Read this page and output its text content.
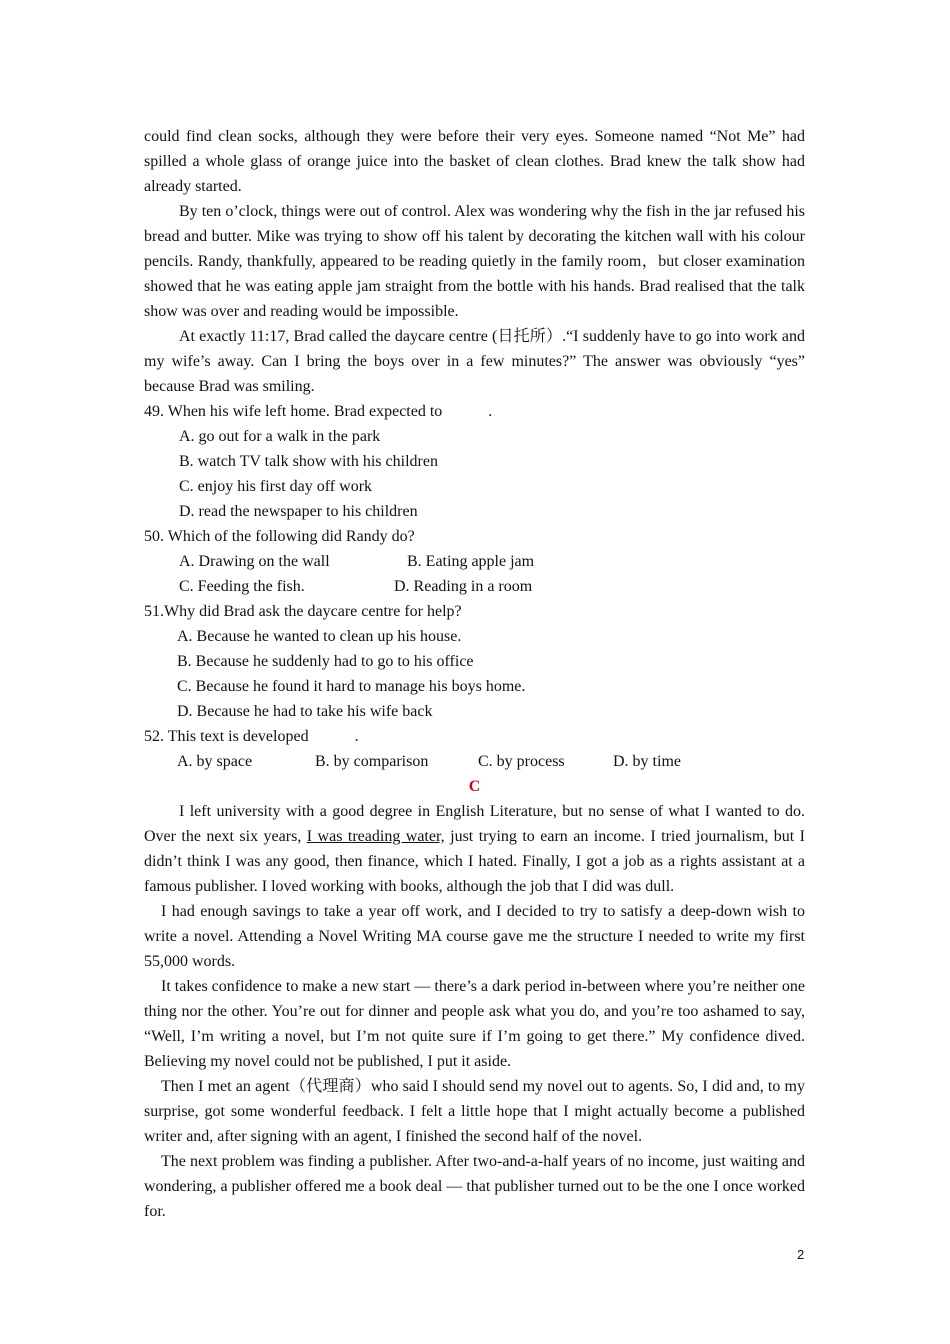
could find clean socks, although they were before their very eyes. Someone named “Not Me” had spilled a whole glass of orange juice into the basket of clean clothes. Brad knew the talk show had already started.

By ten o’clock, things were out of control. Alex was wondering why the fish in the jar refused his bread and butter. Mike was trying to show off his talent by decorating the kitchen wall with his colour pencils. Randy, thankfully, appeared to be reading quietly in the family room，but closer examination showed that he was eating apple jam straight from the bottle with his hands. Brad realised that the talk show was over and reading would be impossible.

At exactly 11:17, Brad called the daycare centre (日托所）.“I suddenly have to go into work and my wife’s away. Can I bring the boys over in a few minutes?” The answer was obviously “yes” because Brad was smiling.

49. When his wife left home. Brad expected to	.
A. go out for a walk in the park
B. watch TV talk show with his children
C. enjoy his first day off work
D. read the newspaper to his children
50. Which of the following did Randy do?
A. Drawing on the wall	B. Eating apple jam
C. Feeding the fish.	D. Reading in a room
51.Why did Brad ask the daycare centre for help?
A. Because he wanted to clean up his house.
B. Because he suddenly had to go to his office
C. Because he found it hard to manage his boys home.
D. Because he had to take his wife back
52. This text is developed	.
A. by space	B. by comparison	C. by process	D. by time
C

I left university with a good degree in English Literature, but no sense of what I wanted to do. Over the next six years, I was treading water, just trying to earn an income. I tried journalism, but I didn’t think I was any good, then finance, which I hated. Finally, I got a job as a rights assistant at a famous publisher. I loved working with books, although the job that I did was dull.

I had enough savings to take a year off work, and I decided to try to satisfy a deep-down wish to write a novel. Attending a Novel Writing MA course gave me the structure I needed to write my first 55,000 words.

It takes confidence to make a new start — there’s a dark period in-between where you’re neither one thing nor the other. You’re out for dinner and people ask what you do, and you’re too ashamed to say, “Well, I’m writing a novel, but I’m not quite sure if I’m going to get there.” My confidence dived. Believing my novel could not be published, I put it aside.

Then I met an agent（代理商）who said I should send my novel out to agents. So, I did and, to my surprise, got some wonderful feedback. I felt a little hope that I might actually become a published writer and, after signing with an agent, I finished the second half of the novel.

The next problem was finding a publisher. After two-and-a-half years of no income, just waiting and wondering, a publisher offered me a book deal — that publisher turned out to be the one I once worked for.

2
